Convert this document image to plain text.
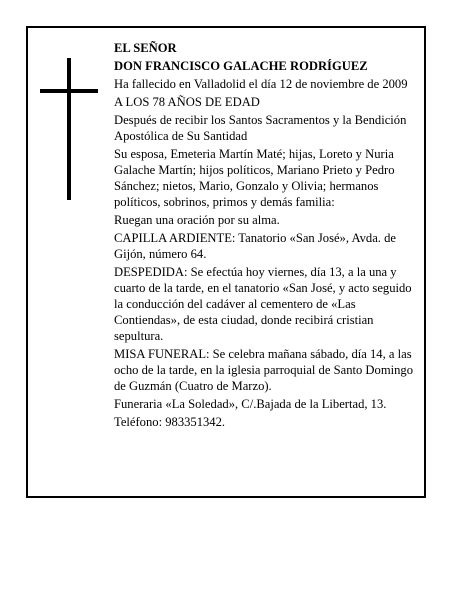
EL SEÑOR

DON FRANCISCO GALACHE RODRÍGUEZ

Ha fallecido en Valladolid el día 12 de noviembre de 2009

A LOS 78 AÑOS DE EDAD

Después de recibir los Santos Sacramentos y la Bendición Apostólica de Su Santidad

Su esposa, Emeteria Martín Maté; hijas, Loreto y Nuria Galache Martín; hijos políticos, Mariano Prieto y Pedro Sánchez; nietos, Mario, Gonzalo y Olivia; hermanos políticos, sobrinos, primos y demás familia:

Ruegan una oración por su alma.

CAPILLA ARDIENTE: Tanatorio «San José», Avda. de Gijón, número 64.

DESPEDIDA: Se efectúa hoy viernes, día 13, a la una y cuarto de la tarde, en el tanatorio «San José, y acto seguido la conducción del cadáver al cementero de «Las Contiendas», de esta ciudad, donde recibirá cristian sepultura.

MISA FUNERAL: Se celebra mañana sábado, día 14, a las ocho de la tarde, en la iglesia parroquial de Santo Domingo de Guzmán (Cuatro de Marzo).

Funeraria «La Soledad», C/.Bajada de la Libertad, 13.

Teléfono: 983351342.
